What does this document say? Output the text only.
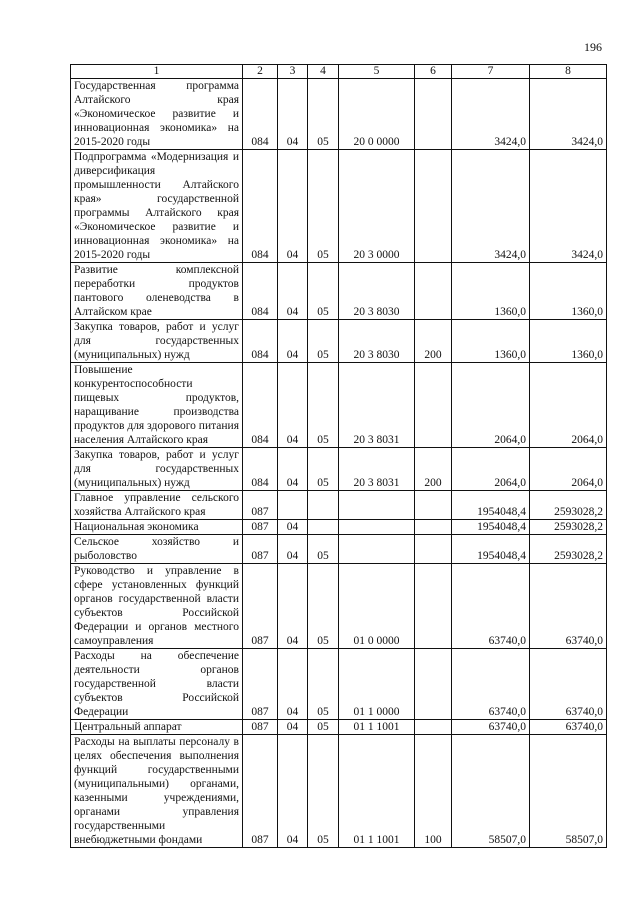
196
1	2	3	4	5	6	7	8
Государственная программа Алтайского края «Экономическое развитие и инновационная экономика» на 2015-2020 годы	084	04	05	20 0 0000		3424,0	3424,0
Подпрограмма «Модернизация и диверсификация промышленности Алтайского края» государственной программы Алтайского края «Экономическое развитие и инновационная экономика» на 2015-2020 годы	084	04	05	20 3 0000		3424,0	3424,0
Развитие комплексной переработки продуктов пантового оленеводства в Алтайском крае	084	04	05	20 3 8030		1360,0	1360,0
Закупка товаров, работ и услуг для государственных (муниципальных) нужд	084	04	05	20 3 8030	200	1360,0	1360,0
Повышение конкурентоспособности пищевых продуктов, наращивание производства продуктов для здорового питания населения Алтайского края	084	04	05	20 3 8031		2064,0	2064,0
Закупка товаров, работ и услуг для государственных (муниципальных) нужд	084	04	05	20 3 8031	200	2064,0	2064,0
Главное управление сельского хозяйства Алтайского края	087					1954048,4	2593028,2
Национальная экономика	087	04				1954048,4	2593028,2
Сельское хозяйство и рыболовство	087	04	05			1954048,4	2593028,2
Руководство и управление в сфере установленных функций органов государственной власти субъектов Российской Федерации и органов местного самоуправления	087	04	05	01 0 0000		63740,0	63740,0
Расходы на обеспечение деятельности органов государственной власти субъектов Российской Федерации	087	04	05	01 1 0000		63740,0	63740,0
Центральный аппарат	087	04	05	01 1 1001		63740,0	63740,0
Расходы на выплаты персоналу в целях обеспечения выполнения функций государственными (муниципальными) органами, казенными учреждениями, органами управления государственными внебюджетными фондами	087	04	05	01 1 1001	100	58507,0	58507,0
